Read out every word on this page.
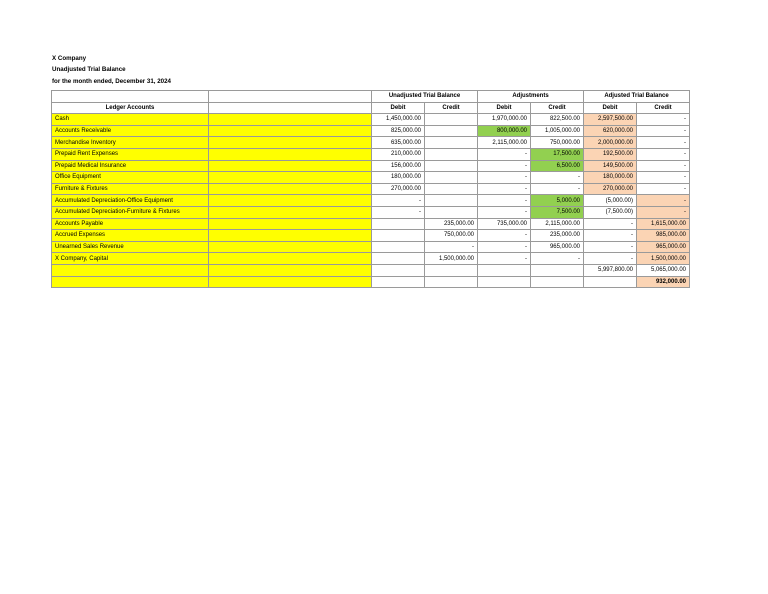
X Company
Unadjusted Trial Balance
for the month ended, December 31, 2024
		Unadjusted Trial Balance		Adjustments		Adjusted Trial Balance	
Ledger Accounts		Debit	Credit	Debit	Credit	Debit	Credit
Cash		1,450,000.00		1,970,000.00	822,500.00	2,597,500.00	-
Accounts Receivable		825,000.00		800,000.00	1,005,000.00	620,000.00	-
Merchandise Inventory		635,000.00		2,115,000.00	750,000.00	2,000,000.00	-
Prepaid Rent Expenses		210,000.00		-	17,500.00	192,500.00	-
Prepaid Medical Insurance		156,000.00		-	6,500.00	149,500.00	-
Office Equipment		180,000.00		-	-	180,000.00	-
Furniture & Fixtures		270,000.00		-	-	270,000.00	-
Accumulated Depreciation-Office Equipment		-		-	5,000.00	(5,000.00)	-
Accumulated Depreciation-Furniture & Fixtures		-		-	7,500.00	(7,500.00)	-
Accounts Payable			235,000.00	735,000.00	2,115,000.00	-	1,615,000.00
Accrued Expenses			750,000.00	-	235,000.00	-	985,000.00
Unearned Sales Revenue			-	-	965,000.00	-	965,000.00
X Company, Capital			1,500,000.00	-	-	-	1,500,000.00
						5,997,800.00	5,065,000.00
							932,000.00
